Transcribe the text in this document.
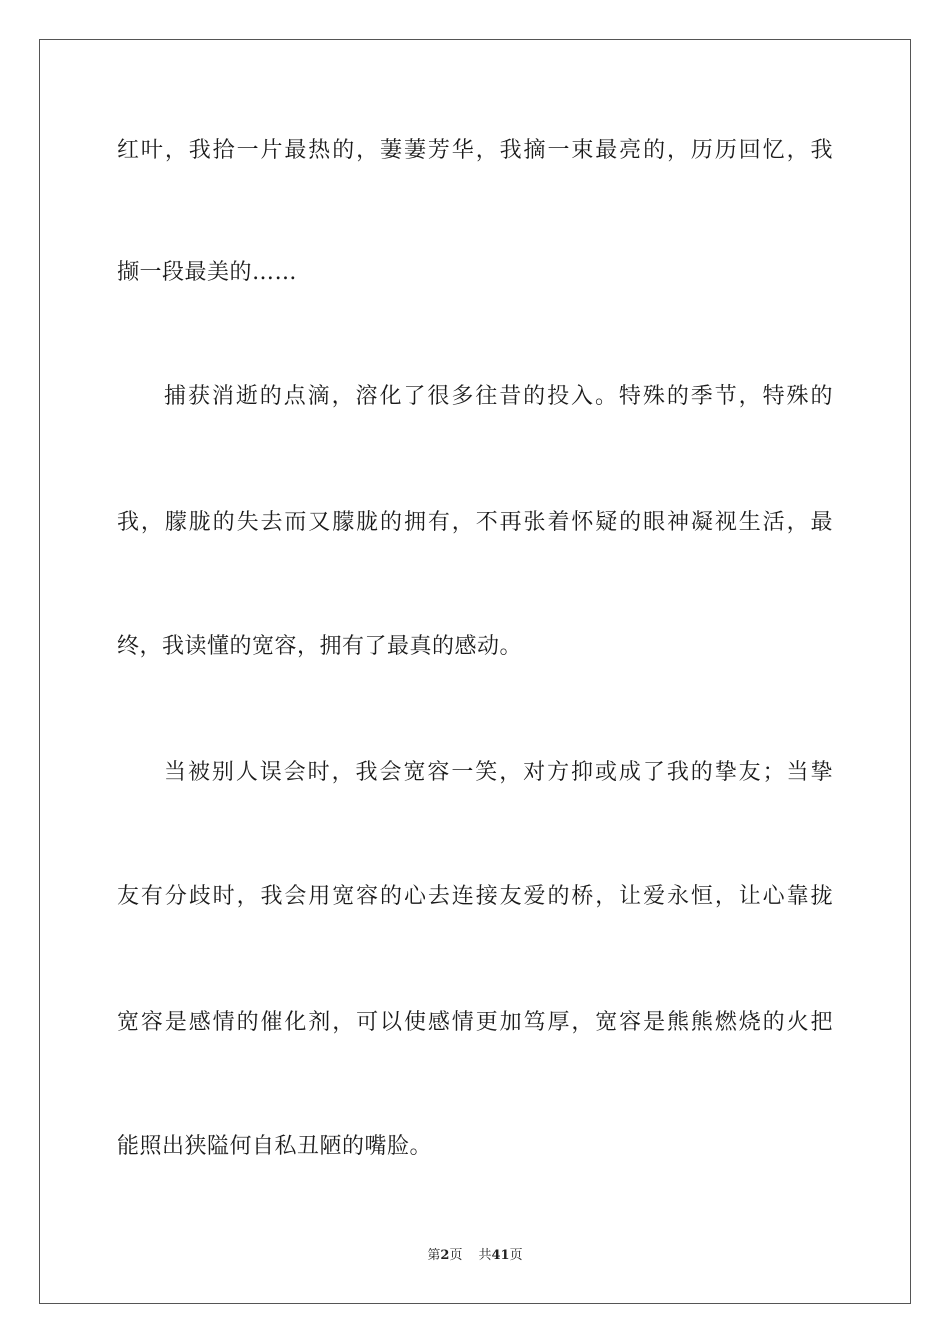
红叶，我拾一片最热的，萋萋芳华，我摘一束最亮的，历历回忆，我
撷一段最美的……
捕获消逝的点滴，溶化了很多往昔的投入。特殊的季节，特殊的
我，朦胧的失去而又朦胧的拥有，不再张着怀疑的眼神凝视生活，最
终，我读懂的宽容，拥有了最真的感动。
当被别人误会时，我会宽容一笑，对方抑或成了我的挚友；当挚
友有分歧时，我会用宽容的心去连接友爱的桥，让爱永恒，让心靠拢
宽容是感情的催化剂，可以使感情更加笃厚，宽容是熊熊燃烧的火把
能照出狭隘何自私丑陋的嘴脸。
第2页 共41页
